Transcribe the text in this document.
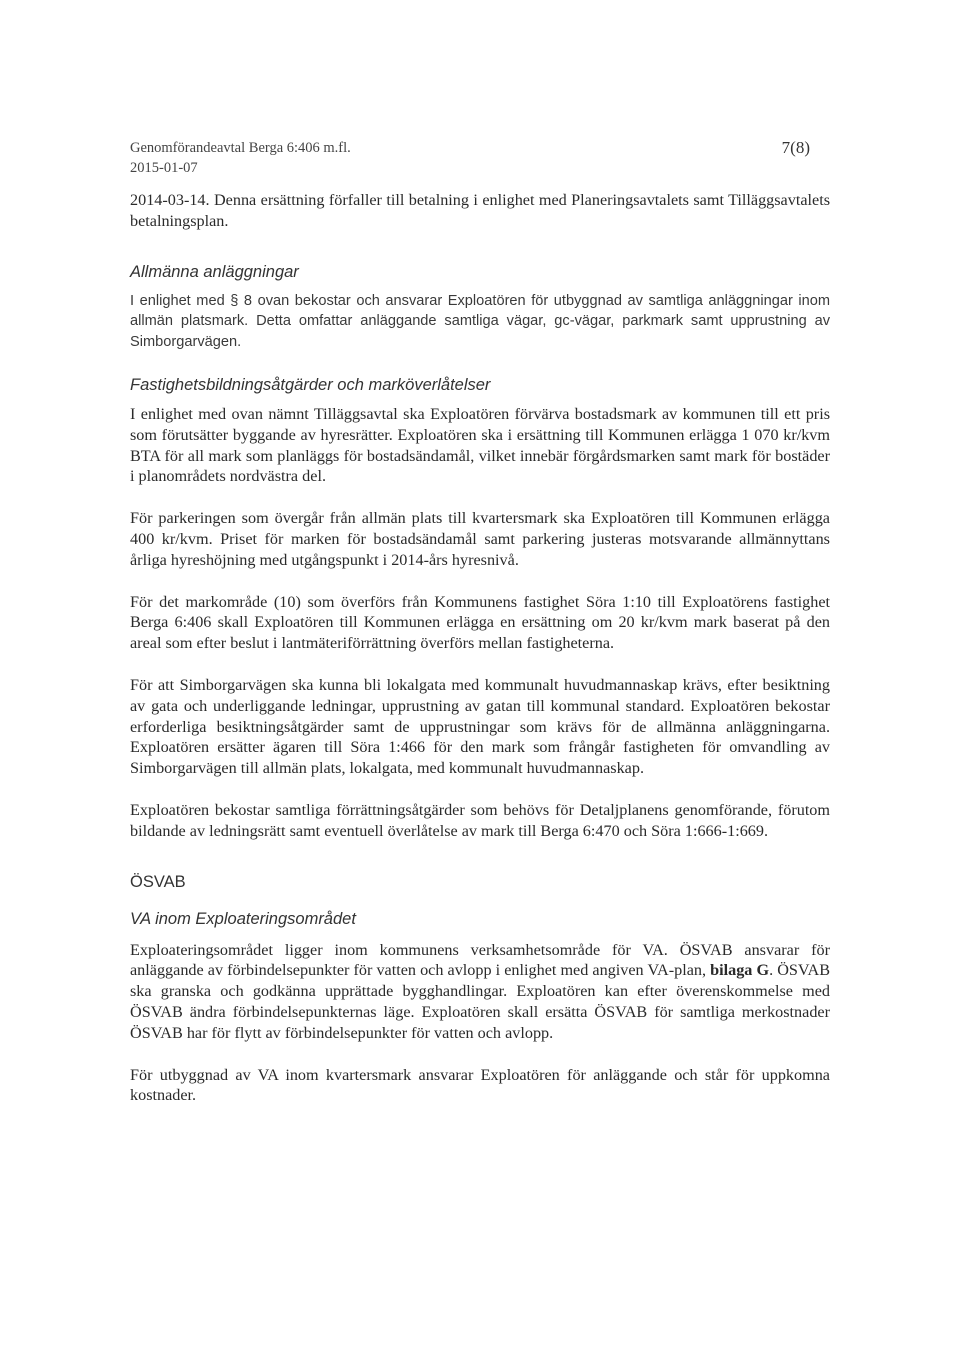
Genomförandeavtal Berga 6:406 m.fl.
2015-01-07
7(8)

2014-03-14. Denna ersättning förfaller till betalning i enlighet med Planeringsavtalets samt Tilläggsavtalets betalningsplan.

Allmänna anläggningar

I enlighet med § 8 ovan bekostar och ansvarar Exploatören för utbyggnad av samtliga anläggningar inom allmän platsmark. Detta omfattar anläggande samtliga vägar, gc-vägar, parkmark samt upprustning av Simborgarvägen.

Fastighetsbildningsåtgärder och marköverlåtelser

I enlighet med ovan nämnt Tilläggsavtal ska Exploatören förvärva bostadsmark av kommunen till ett pris som förutsätter byggande av hyresrätter. Exploatören ska i ersättning till Kommunen erlägga 1 070 kr/kvm BTA för all mark som planläggs för bostadsändamål, vilket innebär förgårdsmarken samt mark för bostäder i planområdets nordvästra del.

För parkeringen som övergår från allmän plats till kvartersmark ska Exploatören till Kommunen erlägga 400 kr/kvm. Priset för marken för bostadsändamål samt parkering justeras motsvarande allmännyttans årliga hyreshöjning med utgångspunkt i 2014-års hyresnivå.

För det markområde (10) som överförs från Kommunens fastighet Söra 1:10 till Exploatörens fastighet Berga 6:406 skall Exploatören till Kommunen erlägga en ersättning om 20 kr/kvm mark baserat på den areal som efter beslut i lantmäteriförrättning överförs mellan fastigheterna.

För att Simborgarvägen ska kunna bli lokalgata med kommunalt huvudmannaskap krävs, efter besiktning av gata och underliggande ledningar, upprustning av gatan till kommunal standard. Exploatören bekostar erforderliga besiktningsåtgärder samt de upprustningar som krävs för de allmänna anläggningarna. Exploatören ersätter ägaren till Söra 1:466 för den mark som frångår fastigheten för omvandling av Simborgarvägen till allmän plats, lokalgata, med kommunalt huvudmannaskap.

Exploatören bekostar samtliga förrättningsåtgärder som behövs för Detaljplanens genomförande, förutom bildande av ledningsrätt samt eventuell överlåtelse av mark till Berga 6:470 och Söra 1:666-1:669.

ÖSVAB
VA inom Exploateringsområdet

Exploateringsområdet ligger inom kommunens verksamhetsområde för VA. ÖSVAB ansvarar för anläggande av förbindelsepunkter för vatten och avlopp i enlighet med angiven VA-plan, bilaga G. ÖSVAB ska granska och godkänna upprättade bygghandlingar. Exploatören kan efter överenskommelse med ÖSVAB ändra förbindelsepunkternas läge. Exploatören skall ersätta ÖSVAB för samtliga merkostnader ÖSVAB har för flytt av förbindelsepunkter för vatten och avlopp.

För utbyggnad av VA inom kvartersmark ansvarar Exploatören för anläggande och står för uppkomna kostnader.
